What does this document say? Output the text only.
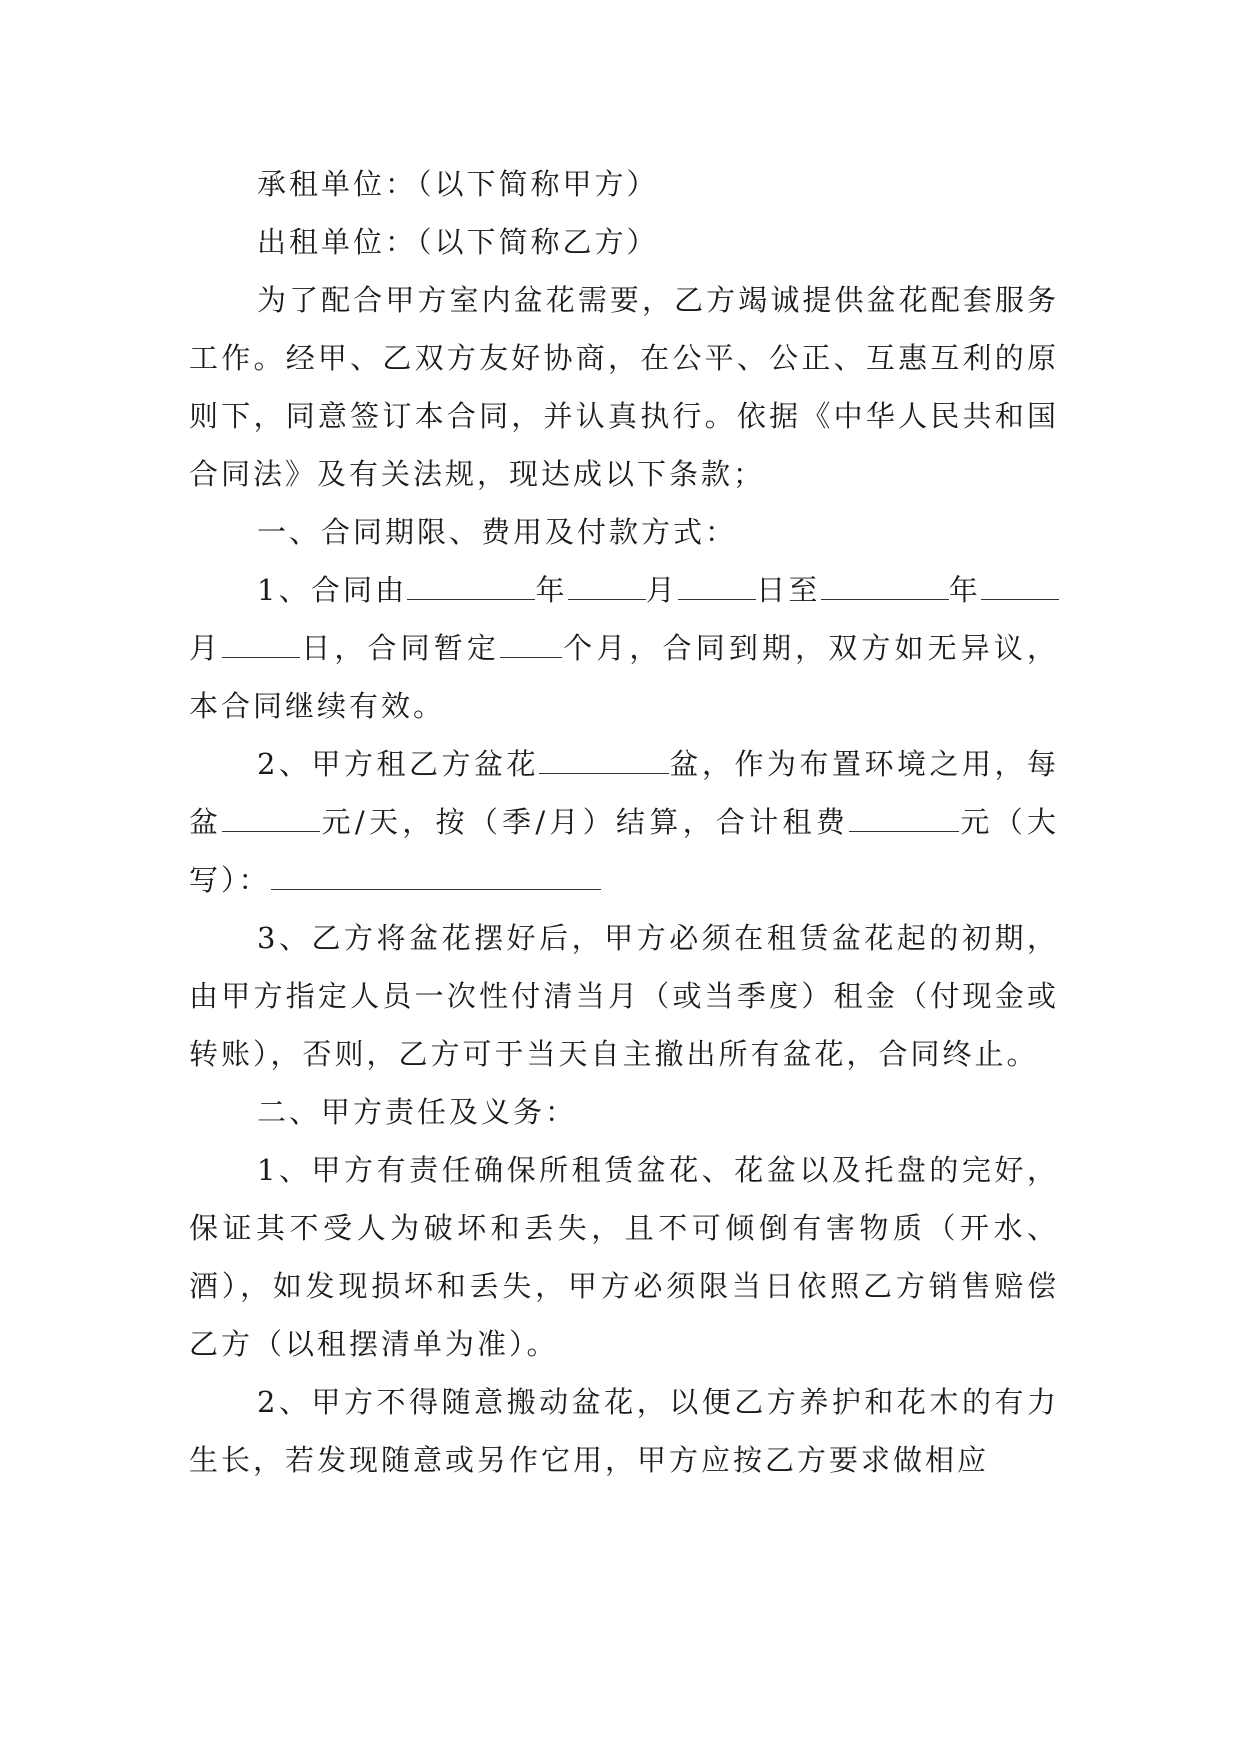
承租单位：（以下简称甲方）

出租单位：（以下简称乙方）

为了配合甲方室内盆花需要，乙方竭诚提供盆花配套服务工作。经甲、乙双方友好协商，在公平、公正、互惠互利的原则下，同意签订本合同，并认真执行。依据《中华人民共和国合同法》及有关法规，现达成以下条款；

一、合同期限、费用及付款方式：

1、合同由	年	月	日至	年月	日，合同暂定 个月，合同到期，双方如无异议，本合同继续有效。

2、甲方租乙方盆花	盆，作为布置环境之用，每盆	元/天，按（季/月）结算，合计租费	元（大写）：

3、乙方将盆花摆好后，甲方必须在租赁盆花起的初期，由甲方指定人员一次性付清当月（或当季度）租金（付现金或转账），否则，乙方可于当天自主撤出所有盆花，合同终止。

二、甲方责任及义务：

1、甲方有责任确保所租赁盆花、花盆以及托盘的完好，保证其不受人为破坏和丢失，且不可倾倒有害物质（开水、酒），如发现损坏和丢失，甲方必须限当日依照乙方销售赔偿乙方（以租摆清单为准）。

2、甲方不得随意搬动盆花，以便乙方养护和花木的有力生长，若发现随意或另作它用，甲方应按乙方要求做相应
